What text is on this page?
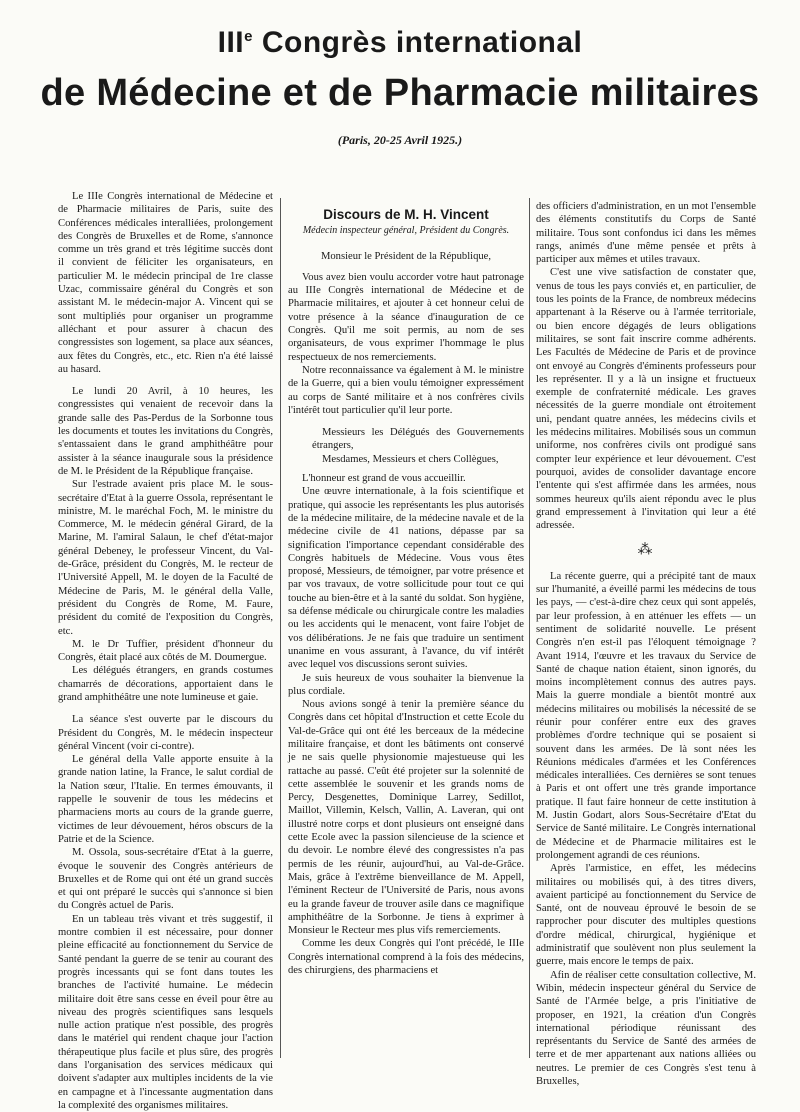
IIIe Congrès international
de Médecine et de Pharmacie militaires
(Paris, 20-25 Avril 1925.)

Le IIIe Congrès international de Médecine et de Pharmacie militaires de Paris, suite des Conférences médicales interalliées, prolongement des Congrès de Bruxelles et de Rome, s'annonce comme un très grand et très légitime succès dont il convient de féliciter les organisateurs, en particulier M. le médecin principal de 1re classe Uzac, commissaire général du Congrès et son assistant M. le médecin-major A. Vincent qui se sont multipliés pour organiser un programme alléchant et pour assurer à chacun des congressistes son logement, sa place aux séances, aux fêtes du Congrès, etc., etc. Rien n'a été laissé au hasard.

Le lundi 20 Avril, à 10 heures, les congressistes qui venaient de recevoir dans la grande salle des Pas-Perdus de la Sorbonne tous les documents et toutes les invitations du Congrès, s'entassaient dans le grand amphithéâtre pour assister à la séance inaugurale sous la présidence de M. le Président de la République française.

Sur l'estrade avaient pris place M. le sous-secrétaire d'Etat à la guerre Ossola, représentant le ministre, M. le maréchal Foch, M. le ministre du Commerce, M. le médecin général Girard, de la Marine, M. l'amiral Salaun, le chef d'état-major général Debeney, le professeur Vincent, du Val-de-Grâce, président du Congrès, M. le recteur de l'Université Appell, M. le doyen de la Faculté de Médecine de Paris, M. le général della Valle, président du Congrès de Rome, M. Faure, président du comité de l'exposition du Congrès, etc.

M. le Dr Tuffier, président d'honneur du Congrès, était placé aux côtés de M. Doumergue.

Les délégués étrangers, en grands costumes chamarrés de décorations, apportaient dans le grand amphithéâtre une note lumineuse et gaie.

La séance s'est ouverte par le discours du Président du Congrès, M. le médecin inspecteur général Vincent (voir ci-contre).

Le général della Valle apporte ensuite à la grande nation latine, la France, le salut cordial de la Nation sœur, l'Italie. En termes émouvants, il rappelle le souvenir de tous les médecins et pharmaciens morts au cours de la grande guerre, victimes de leur dévouement, héros obscurs de la Patrie et de la Science.

M. Ossola, sous-secrétaire d'Etat à la guerre, évoque le souvenir des Congrès antérieurs de Bruxelles et de Rome qui ont été un grand succès et qui ont préparé le succès qui s'annonce si bien du Congrès actuel de Paris.

En un tableau très vivant et très suggestif, il montre combien il est nécessaire, pour donner pleine efficacité au fonctionnement du Service de Santé pendant la guerre de se tenir au courant des progrès incessants qui se font dans toutes les branches de l'activité humaine. Le médecin militaire doit être sans cesse en éveil pour être au niveau des progrès scientifiques sans lesquels nulle action pratique n'est possible, des progrès dans le matériel qui rendent chaque jour l'action thérapeutique plus facile et plus sûre, des progrès dans l'organisation des services médicaux qui doivent s'adapter aux multiples incidents de la vie en campagne et à l'incessante augmentation dans la complexité des organismes militaires.

Discours de M. H. Vincent
Médecin inspecteur général, Président du Congrès.

Monsieur le Président de la République,

Vous avez bien voulu accorder votre haut patronage au IIIe Congrès international de Médecine et de Pharmacie militaires, et ajouter à cet honneur celui de votre présence à la séance d'inauguration de ce Congrès. Qu'il me soit permis, au nom de ses organisateurs, de vous exprimer l'hommage le plus respectueux de nos remerciements.

Notre reconnaissance va également à M. le ministre de la Guerre, qui a bien voulu témoigner expressément au corps de Santé militaire et à nos confrères civils l'intérêt tout particulier qu'il leur porte.

Messieurs les Délégués des Gouvernements étrangers,

Mesdames, Messieurs et chers Collègues,

L'honneur est grand de vous accueillir.

Une œuvre internationale, à la fois scientifique et pratique, qui associe les représentants les plus autorisés de la médecine militaire, de la médecine navale et de la médecine civile de 41 nations, dépasse par sa signification l'importance cependant considérable des Congrès habituels de Médecine. Vous vous êtes proposé, Messieurs, de témoigner, par votre présence et par vos travaux, de votre sollicitude pour tout ce qui touche au bien-être et à la santé du soldat. Son hygiène, sa défense médicale ou chirurgicale contre les maladies ou les accidents qui le menacent, vont faire l'objet de vos délibérations. Je ne fais que traduire un sentiment unanime en vous assurant, à l'avance, du vif intérêt avec lequel vos discussions seront suivies.

Je suis heureux de vous souhaiter la bienvenue la plus cordiale.

Nous avions songé à tenir la première séance du Congrès dans cet hôpital d'Instruction et cette Ecole du Val-de-Grâce qui ont été les berceaux de la médecine militaire française, et dont les bâtiments ont conservé je ne sais quelle physionomie majestueuse qui les rattache au passé. C'eût été projeter sur la solennité de cette assemblée le souvenir et les grands noms de Percy, Desgenettes, Dominique Larrey, Sedillot, Maillot, Villemin, Kelsch, Vallin, A. Laveran, qui ont illustré notre corps et dont plusieurs ont enseigné dans cette Ecole avec la passion silencieuse de la science et du devoir. Le nombre élevé des congressistes n'a pas permis de les réunir, aujourd'hui, au Val-de-Grâce. Mais, grâce à l'extrême bienveillance de M. Appell, l'éminent Recteur de l'Université de Paris, nous avons eu la grande faveur de trouver asile dans ce magnifique amphithéâtre de la Sorbonne. Je tiens à exprimer à Monsieur le Recteur mes plus vifs remerciements.

Comme les deux Congrès qui l'ont précédé, le IIIe Congrès international comprend à la fois des médecins, des chirurgiens, des pharmaciens et

des officiers d'administration, en un mot l'ensemble des éléments constitutifs du Corps de Santé militaire. Tous sont confondus ici dans les mêmes rangs, animés d'une même pensée et prêts à participer aux mêmes et utiles travaux.

C'est une vive satisfaction de constater que, venus de tous les pays conviés et, en particulier, de tous les points de la France, de nombreux médecins appartenant à la Réserve ou à l'armée territoriale, ou bien encore dégagés de leurs obligations militaires, se sont fait inscrire comme adhérents. Les Facultés de Médecine de Paris et de province ont envoyé au Congrès d'éminents professeurs pour les représenter. Il y a là un insigne et fructueux exemple de confraternité médicale. Les graves nécessités de la guerre mondiale ont étroitement uni, pendant quatre années, les médecins civils et les médecins militaires. Mobilisés sous un commun uniforme, nos confrères civils ont prodigué sans compter leur expérience et leur dévouement. C'est pourquoi, avides de consolider davantage encore l'entente qui s'est affirmée dans les armées, nous sommes heureux qu'ils aient répondu avec le plus grand empressement à l'invitation qui leur a été adressée.

⁂

La récente guerre, qui a précipité tant de maux sur l'humanité, a éveillé parmi les médecins de tous les pays, — c'est-à-dire chez ceux qui sont appelés, par leur profession, à en atténuer les effets — un sentiment de solidarité nouvelle. Le présent Congrès n'en est-il pas l'éloquent témoignage ? Avant 1914, l'œuvre et les travaux du Service de Santé de chaque nation étaient, sinon ignorés, du moins incomplètement connus des autres pays. Mais la guerre mondiale a bientôt montré aux médecins militaires ou mobilisés la nécessité de se réunir pour conférer entre eux des graves problèmes d'ordre technique qui se posaient si souvent dans les armées. De là sont nées les Réunions médicales d'armées et les Conférences médicales interalliées. Ces dernières se sont tenues à Paris et ont offert une très grande importance pratique. Il faut faire honneur de cette institution à M. Justin Godart, alors Sous-Secrétaire d'Etat du Service de Santé militaire. Le Congrès international de Médecine et de Pharmacie militaires est le prolongement agrandi de ces réunions.

Après l'armistice, en effet, les médecins militaires ou mobilisés qui, à des titres divers, avaient participé au fonctionnement du Service de Santé, ont de nouveau éprouvé le besoin de se rapprocher pour discuter des multiples questions d'ordre médical, chirurgical, hygiénique et administratif que soulèvent non plus seulement la guerre, mais encore le temps de paix.

Afin de réaliser cette consultation collective, M. Wibin, médecin inspecteur général du Service de Santé de l'Armée belge, a pris l'initiative de proposer, en 1921, la création d'un Congrès international périodique réunissant des représentants du Service de Santé des armées de terre et de mer appartenant aux nations alliées ou neutres. Le premier de ces Congrès s'est tenu à Bruxelles,
